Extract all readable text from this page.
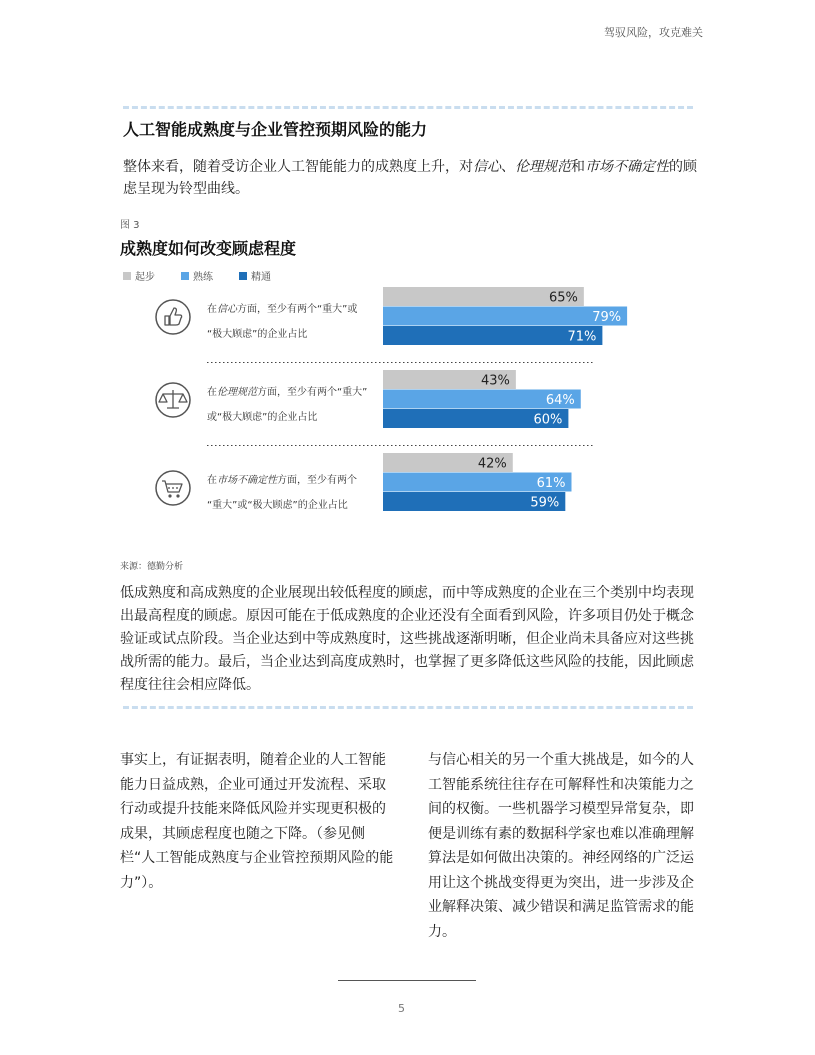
驾驭风险，攻克难关
人工智能成熟度与企业管控预期风险的能力
整体来看，随着受访企业人工智能能力的成熟度上升，对信心、伦理规范和市场不确定性的顾虑呈现为铃型曲线。
图 3
成熟度如何改变顾虑程度
起步	熟练	精通
在信心方面，至少有两个“重大”或
“极大顾虑”的企业占比
65%
79%
71%
在伦理规范方面，至少有两个“重大”
或“极大顾虑”的企业占比
43%
64%
60%
在市场不确定性方面，至少有两个
“重大”或“极大顾虑”的企业占比
42%
61%
59%
来源：德勤分析
低成熟度和高成熟度的企业展现出较低程度的顾虑，而中等成熟度的企业在三个类别中均表现出最高程度的顾虑。原因可能在于低成熟度的企业还没有全面看到风险，许多项目仍处于概念验证或试点阶段。当企业达到中等成熟度时，这些挑战逐渐明晰，但企业尚未具备应对这些挑战所需的能力。最后，当企业达到高度成熟时，也掌握了更多降低这些风险的技能，因此顾虑程度往往会相应降低。
事实上，有证据表明，随着企业的人工智能能力日益成熟，企业可通过开发流程、采取行动或提升技能来降低风险并实现更积极的成果，其顾虑程度也随之下降。（参见侧栏“人工智能成熟度与企业管控预期风险的能力”）。
与信心相关的另一个重大挑战是，如今的人工智能系统往往存在可解释性和决策能力之间的权衡。一些机器学习模型异常复杂，即便是训练有素的数据科学家也难以准确理解算法是如何做出决策的。神经网络的广泛运用让这个挑战变得更为突出，进一步涉及企业解释决策、减少错误和满足监管需求的能力。
5
